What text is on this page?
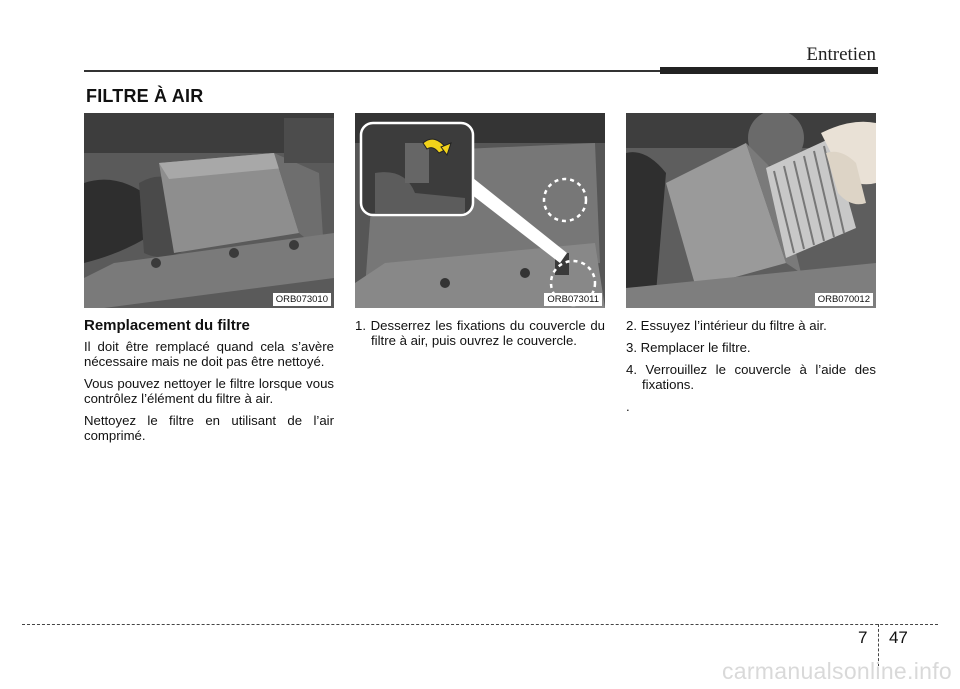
Entretien
FILTRE À AIR
ORB073010	ORB073011	ORB070012
Remplacement du filtre

Il doit être remplacé quand cela s’avère nécessaire mais ne doit pas être nettoyé.

Vous pouvez nettoyer le filtre lorsque vous contrôlez l’élément du filtre à air.

Nettoyez le filtre en utilisant de l’air comprimé.

1. Desserrez les fixations du couvercle du filtre à air, puis ouvrez le couvercle.

2. Essuyez l’intérieur du filtre à air.

3. Remplacer le filtre.

4. Verrouillez le couvercle à l’aide des fixations.

.

7 47
carmanualsonline.info
